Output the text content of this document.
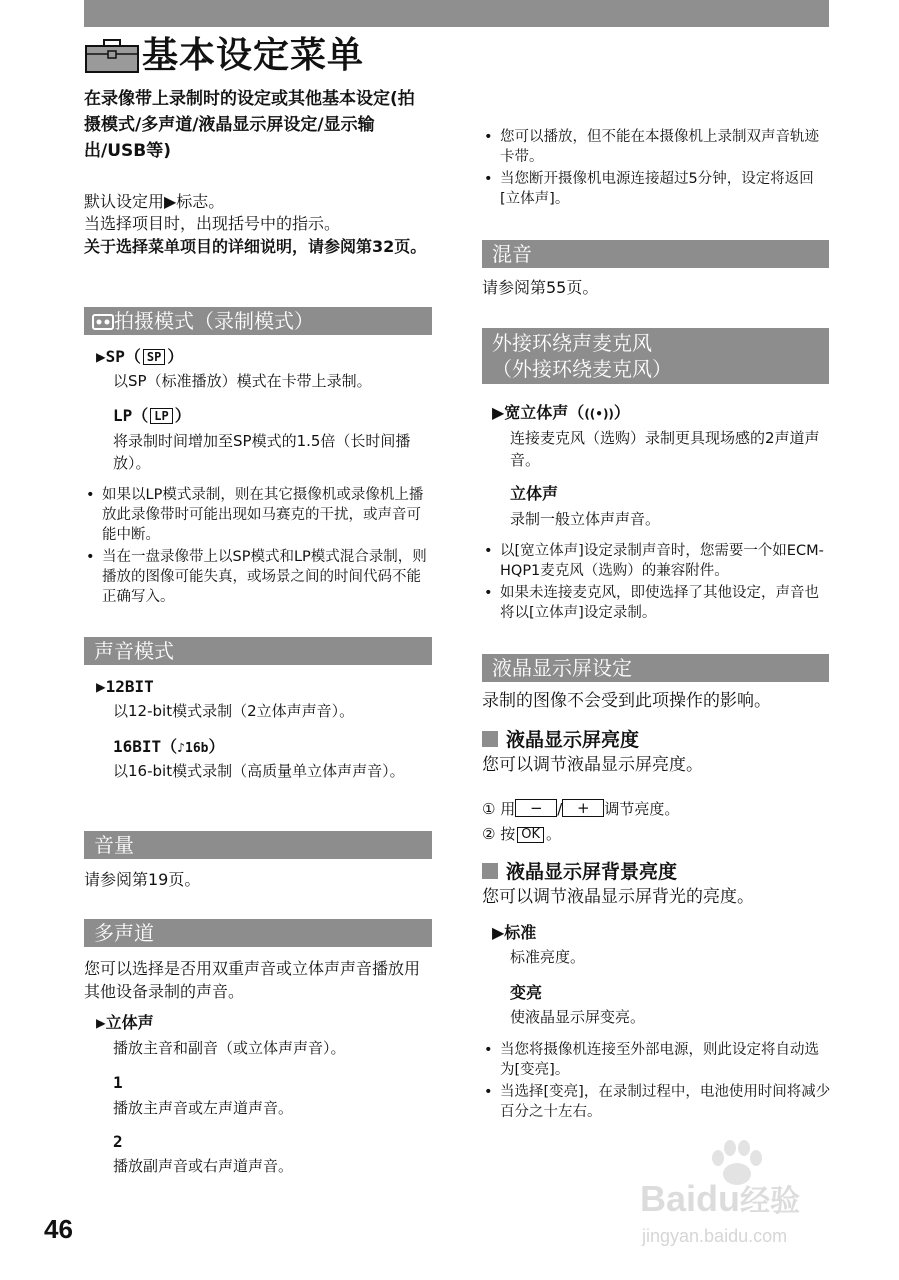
基本设定菜单
在录像带上录制时的设定或其他基本设定(拍摄模式/多声道/液晶显示屏设定/显示输出/USB等)
默认设定用▶标志。
当选择项目时，出现括号中的指示。
关于选择菜单项目的详细说明，请参阅第32页。
拍摄模式（录制模式）
▶SP（ SP ）
以SP（标准播放）模式在卡带上录制。
LP（ LP ）
将录制时间增加至SP模式的1.5倍（长时间播放）。
• 如果以LP模式录制，则在其它摄像机或录像机上播放此录像带时可能出现如马赛克的干扰，或声音可能中断。
• 当在一盘录像带上以SP模式和LP模式混合录制，则播放的图像可能失真，或场景之间的时间代码不能正确写入。
声音模式
▶12BIT
以12-bit模式录制（2立体声声音）。
16BIT（♪16b）
以16-bit模式录制（高质量单立体声声音）。
音量
请参阅第19页。
多声道
您可以选择是否用双重声音或立体声声音播放用其他设备录制的声音。
▶立体声
播放主音和副音（或立体声声音）。
1
播放主声音或左声道声音。
2
播放副声音或右声道声音。
46
• 您可以播放，但不能在本摄像机上录制双声音轨迹卡带。
• 当您断开摄像机电源连接超过5分钟，设定将返回[立体声]。
混音
请参阅第55页。
外接环绕声麦克风
（外接环绕麦克风）
▶宽立体声（((•))）
连接麦克风（选购）录制更具现场感的2声道声音。
立体声
录制一般立体声声音。
• 以[宽立体声]设定录制声音时，您需要一个如ECM-HQP1麦克风（选购）的兼容附件。
• 如果未连接麦克风，即使选择了其他设定，声音也将以[立体声]设定录制。
液晶显示屏设定
录制的图像不会受到此项操作的影响。
液晶显示屏亮度
您可以调节液晶显示屏亮度。
① 用 − / + 调节亮度。
② 按 OK 。
液晶显示屏背景亮度
您可以调节液晶显示屏背光的亮度。
▶标准
标准亮度。
变亮
使液晶显示屏变亮。
• 当您将摄像机连接至外部电源，则此设定将自动选为[变亮]。
• 当选择[变亮]，在录制过程中，电池使用时间将减少百分之十左右。
Baidu经验
jingyan.baidu.com
